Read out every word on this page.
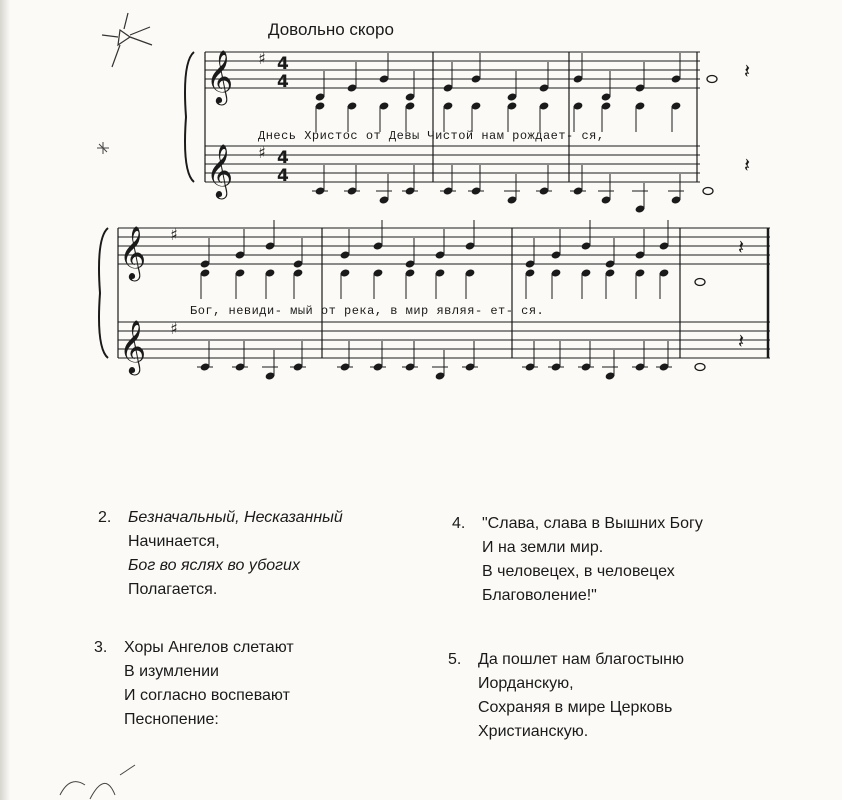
Довольно скоро
𝄞
𝄞
♯
♯
4
4
4
4
𝄽
𝄽
𝄞
𝄞
♯
♯
𝄽
𝄽
Днесь Христос от Девы Чистой нам рождает- ся,
Бог, невиди- мый от река, в мир являя- ет- ся.
2. Безначальный, Несказанный
Начинается,
Бог во яслях во убогих
Полагается.
3. Хоры Ангелов слетают
В изумлении
И согласно воспевают
Песнопение:
4. "Слава, слава в Вышних Богу
И на земли мир.
В человецех, в человецех
Благоволение!"
5. Да пошлет нам благостыню
Иорданскую,
Сохраняя в мире Церковь
Христианскую.
